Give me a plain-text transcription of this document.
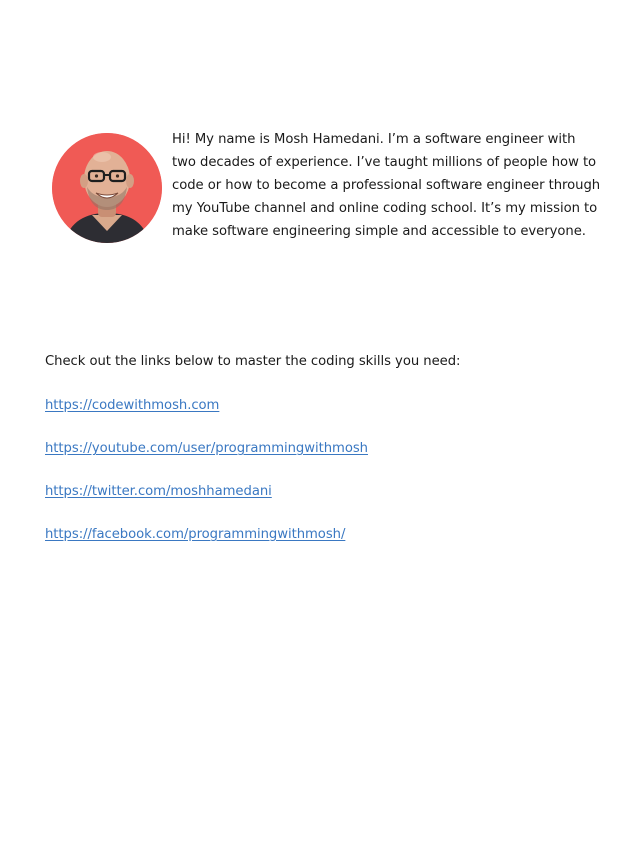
Hi! My name is Mosh Hamedani. I’m a software engineer with two decades of experience. I’ve taught millions of people how to code or how to become a professional software engineer through my YouTube channel and online coding school. It’s my mission to make software engineering simple and accessible to everyone.

Check out the links below to master the coding skills you need:

https://codewithmosh.com
https://youtube.com/user/programmingwithmosh
https://twitter.com/moshhamedani
https://facebook.com/programmingwithmosh/
